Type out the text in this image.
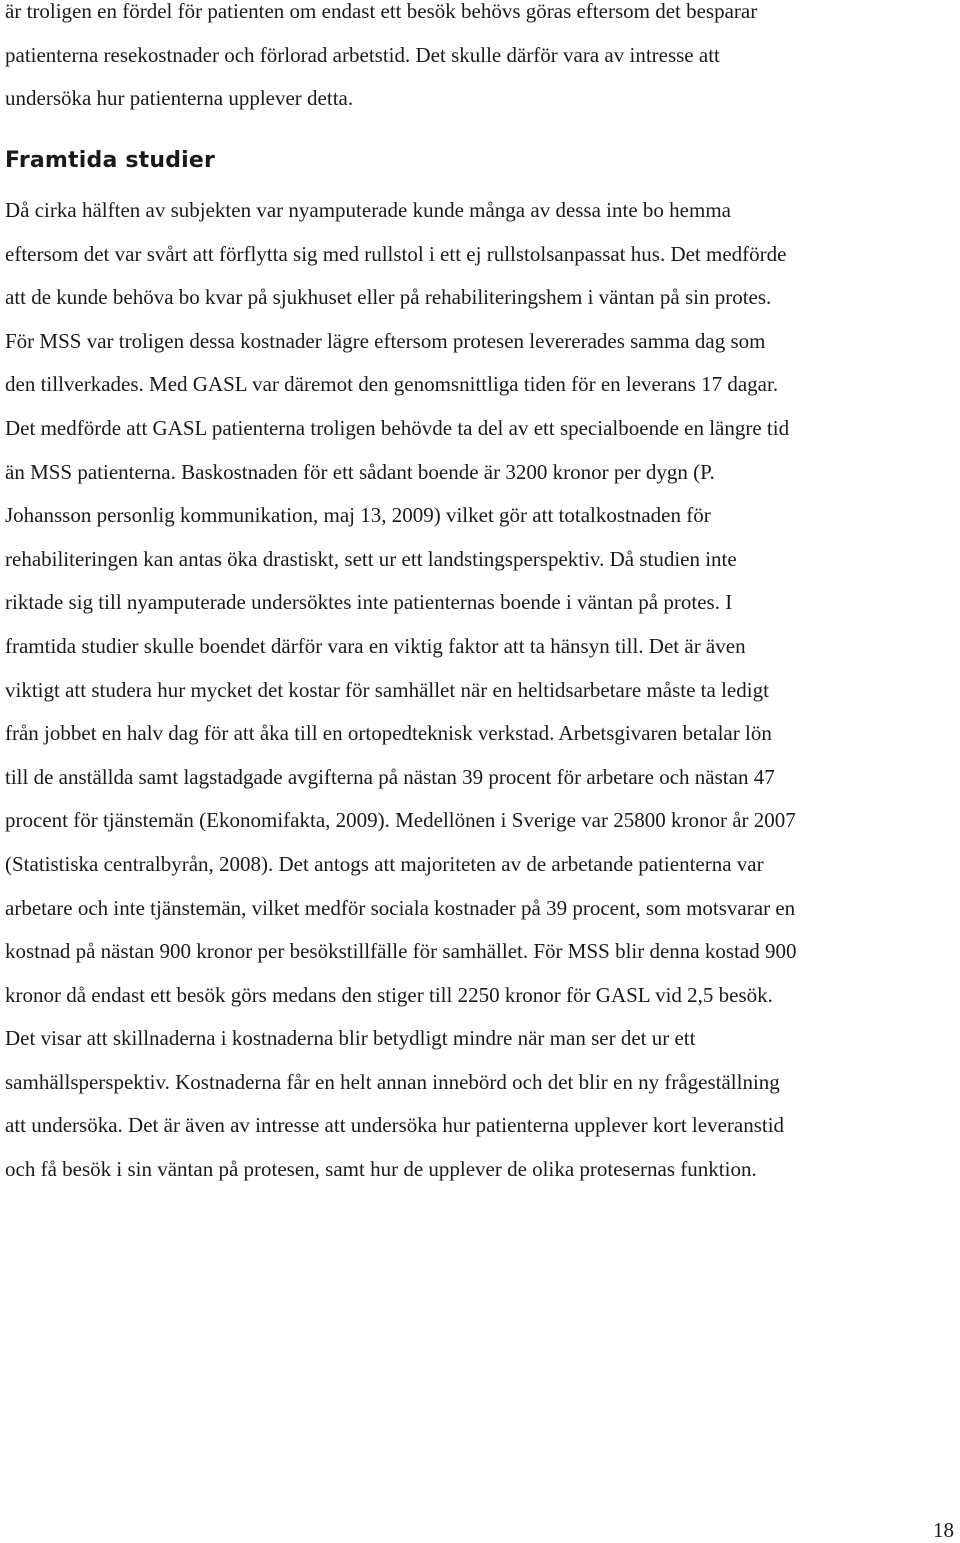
är troligen en fördel för patienten om endast ett besök behövs göras eftersom det besparar
patienterna resekostnader och förlorad arbetstid. Det skulle därför vara av intresse att
undersöka hur patienterna upplever detta.

Framtida studier

Då cirka hälften av subjekten var nyamputerade kunde många av dessa inte bo hemma
eftersom det var svårt att förflytta sig med rullstol i ett ej rullstolsanpassat hus. Det medförde
att de kunde behöva bo kvar på sjukhuset eller på rehabiliteringshem i väntan på sin protes.
För MSS var troligen dessa kostnader lägre eftersom protesen levererades samma dag som
den tillverkades. Med GASL var däremot den genomsnittliga tiden för en leverans 17 dagar.
Det medförde att GASL patienterna troligen behövde ta del av ett specialboende en längre tid
än MSS patienterna. Baskostnaden för ett sådant boende är 3200 kronor per dygn (P.
Johansson personlig kommunikation, maj 13, 2009) vilket gör att totalkostnaden för
rehabiliteringen kan antas öka drastiskt, sett ur ett landstingsperspektiv. Då studien inte
riktade sig till nyamputerade undersöktes inte patienternas boende i väntan på protes. I
framtida studier skulle boendet därför vara en viktig faktor att ta hänsyn till. Det är även
viktigt att studera hur mycket det kostar för samhället när en heltidsarbetare måste ta ledigt
från jobbet en halv dag för att åka till en ortopedteknisk verkstad. Arbetsgivaren betalar lön
till de anställda samt lagstadgade avgifterna på nästan 39 procent för arbetare och nästan 47
procent för tjänstemän (Ekonomifakta, 2009). Medellönen i Sverige var 25800 kronor år 2007
(Statistiska centralbyrån, 2008). Det antogs att majoriteten av de arbetande patienterna var
arbetare och inte tjänstemän, vilket medför sociala kostnader på 39 procent, som motsvarar en
kostnad på nästan 900 kronor per besökstillfälle för samhället. För MSS blir denna kostad 900
kronor då endast ett besök görs medans den stiger till 2250 kronor för GASL vid 2,5 besök.
Det visar att skillnaderna i kostnaderna blir betydligt mindre när man ser det ur ett
samhällsperspektiv. Kostnaderna får en helt annan innebörd och det blir en ny frågeställning
att undersöka. Det är även av intresse att undersöka hur patienterna upplever kort leveranstid
och få besök i sin väntan på protesen, samt hur de upplever de olika protesernas funktion.

18
